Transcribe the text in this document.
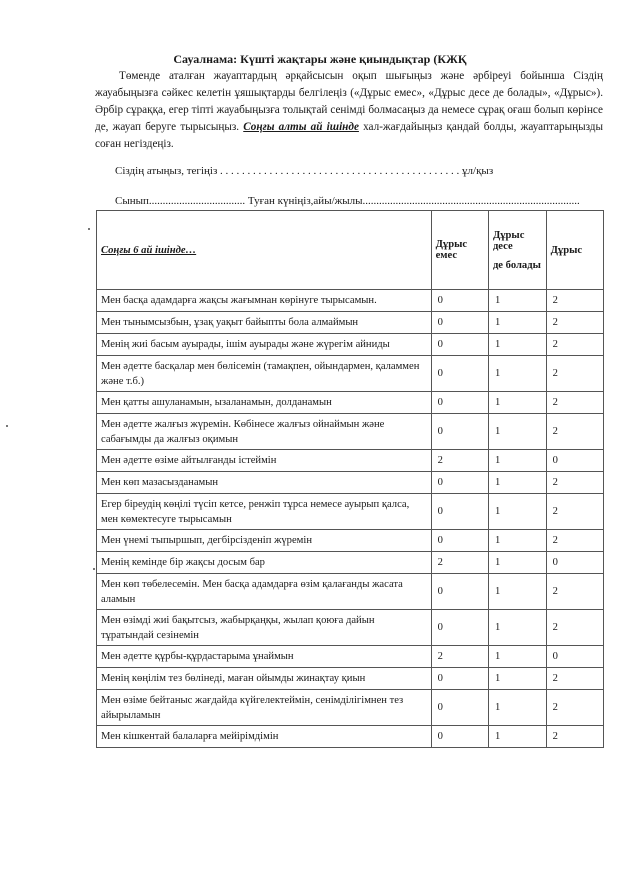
Сауалнама: Күшті жақтары және қиындықтар (КЖҚ
Төменде аталған жауаптардың әрқайсысын оқып шығыңыз және әрбіреуі бойынша Сіздің жауабыңызға сәйкес келетін ұяшықтарды белгілеңіз («Дұрыс емес», «Дұрыс десе де болады», «Дұрыс»). Әрбір сұраққа, егер тіпті жауабыңызға толықтай сенімді болмасаңыз да немесе сұрақ оғаш болып көрінсе де, жауап беруге тырысыңыз. Соңғы алты ай ішінде хал-жағдайыңыз қандай болды, жауаптарыңызды соған негіздеңіз.
Сіздің атыңыз, тегіңіз . . . . . . . . . . . . . . . . . . . . . . . . . . . . . . . . . . . . . . . . . . . . ұл/қыз
Сынып................................... Туған күніңіз,айы/жылы...............................................................................
Соңғы 6 ай ішінде…	Дұрыс емес	Дұрыс десе
де болады	Дұрыс
Мен басқа адамдарға жақсы жағымнан көрінуге тырысамын.	0	1	2
Мен тынымсызбын, ұзақ уақыт байыпты бола алмаймын	0	1	2
Менің жиі басым ауырады, ішім ауырады және жүрегім айниды	0	1	2
Мен әдетте басқалар мен бөлісемін (тамақпен, ойындармен, қаламмен және т.б.)	0	1	2
Мен қатты ашуланамын, ызаланамын, долданамын	0	1	2
Мен әдетте жалғыз жүремін. Көбінесе жалғыз ойнаймын және сабағымды да жалғыз оқимын	0	1	2
Мен әдетте өзіме айтылғанды істеймін	2	1	0
Мен көп мазасызданамын	0	1	2
Егер біреудің көңілі түсіп кетсе, ренжіп тұрса немесе ауырып қалса, мен көмектесуге тырысамын	0	1	2
Мен үнемі тыпыршып, дегбірсізденіп жүремін	0	1	2
Менің кемінде бір жақсы досым бар	2	1	0
Мен көп төбелесемін. Мен басқа адамдарға өзім қалағанды жасата аламын	0	1	2
Мен өзімді жиі бақытсыз, жабырқаңқы, жылап қоюға дайын тұратындай сезінемін	0	1	2
Мен әдетте құрбы-құрдастарыма ұнаймын	2	1	0
Менің көңілім тез бөлінеді, маған ойымды жинақтау қиын	0	1	2
Мен өзіме бейтаныс жағдайда күйгелектеймін, сенімділігімнен тез айырыламын	0	1	2
Мен кішкентай балаларға мейірімдімін	0	1	2
